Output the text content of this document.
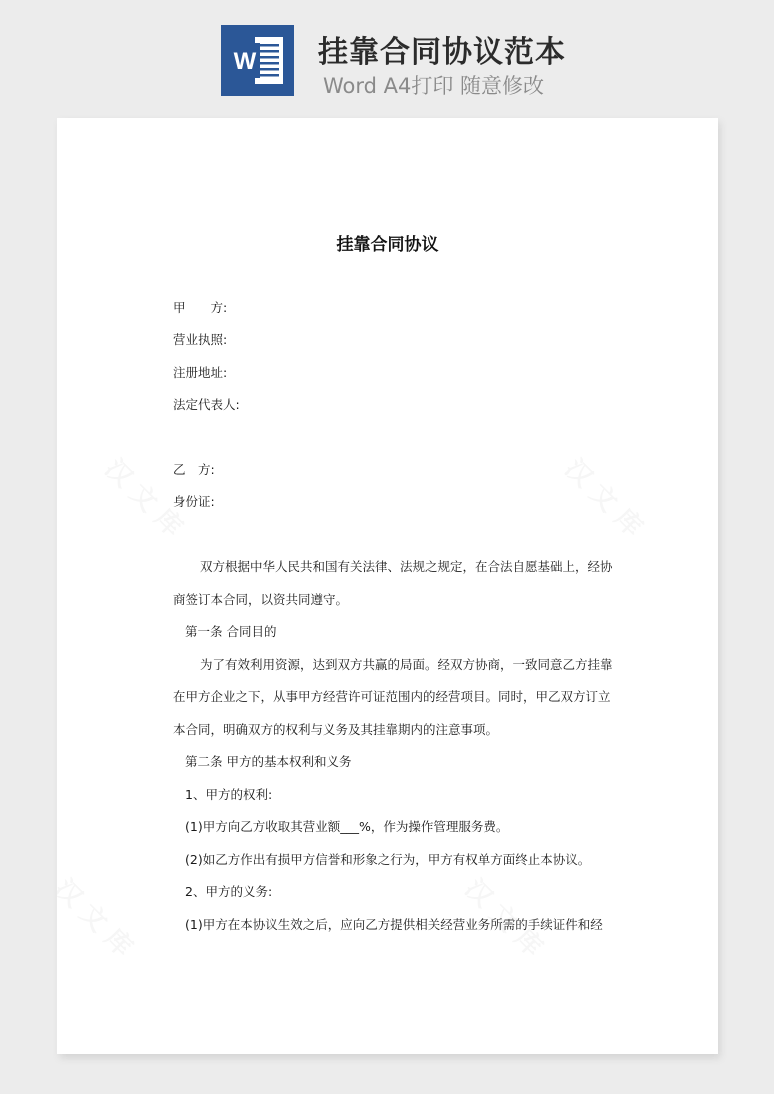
W 挂靠合同协议范本
Word A4打印 随意修改
挂靠合同协议
甲　　方:
营业执照:
注册地址:
法定代表人:
乙　方:
身份证:
双方根据中华人民共和国有关法律、法规之规定，在合法自愿基础上，经协
商签订本合同，以资共同遵守。
第一条 合同目的
为了有效利用资源，达到双方共赢的局面。经双方协商，一致同意乙方挂靠
在甲方企业之下，从事甲方经营许可证范围内的经营项目。同时，甲乙双方订立
本合同，明确双方的权利与义务及其挂靠期内的注意事项。
第二条 甲方的基本权利和义务
1、甲方的权利:
(1)甲方向乙方收取其营业额___%，作为操作管理服务费。
(2)如乙方作出有损甲方信誉和形象之行为，甲方有权单方面终止本协议。
2、甲方的义务:
(1)甲方在本协议生效之后，应向乙方提供相关经营业务所需的手续证件和经
